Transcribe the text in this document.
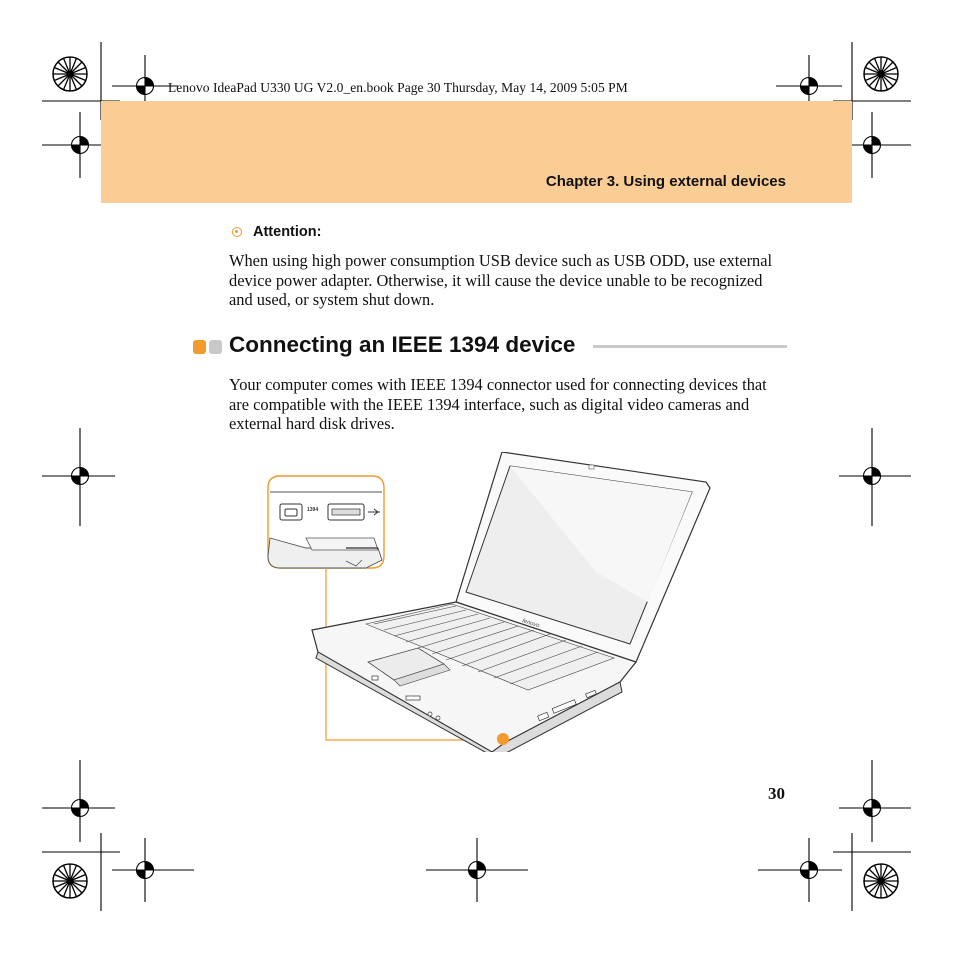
Lenovo IdeaPad U330 UG V2.0_en.book Page 30 Thursday, May 14, 2009 5:05 PM
Chapter 3. Using external devices
Attention:
When using high power consumption USB device such as USB ODD, use external device power adapter. Otherwise, it will cause the device unable to be recognized and used, or system shut down.
Connecting an IEEE 1394 device
Your computer comes with IEEE 1394 connector used for connecting devices that are compatible with the IEEE 1394 interface, such as digital video cameras and external hard disk drives.
1394
lenovo
30
